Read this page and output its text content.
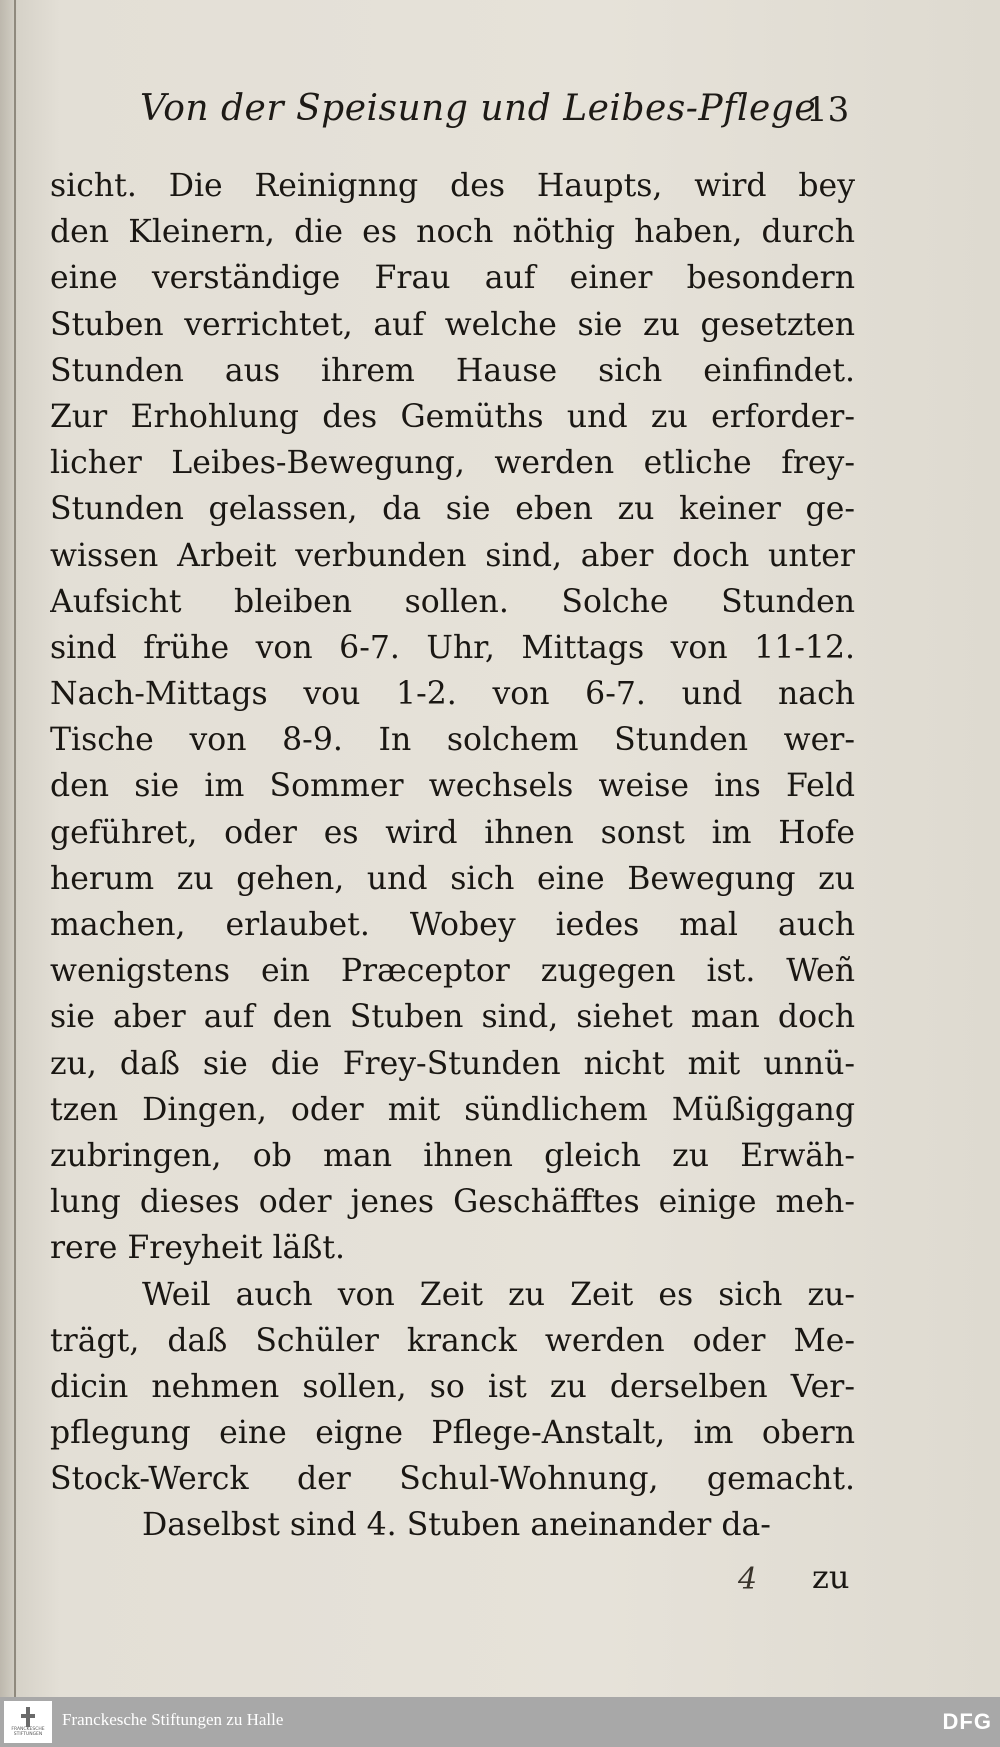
Von der Speisung und Leibes-Pflege
13
sicht. Die Reinignng des Haupts, wird bey
den Kleinern, die es noch nöthig haben, durch
eine verständige Frau auf einer besondern
Stuben verrichtet, auf welche sie zu gesetzten
Stunden aus ihrem Hause sich einfindet.
Zur Erhohlung des Gemüths und zu erforder-
licher Leibes-Bewegung, werden etliche frey-
Stunden gelassen, da sie eben zu keiner ge-
wissen Arbeit verbunden sind, aber doch unter
Aufsicht bleiben sollen. Solche Stunden
sind frühe von 6-7. Uhr, Mittags von 11-12.
Nach-Mittags vou 1-2. von 6-7. und nach
Tische von 8-9. In solchem Stunden wer-
den sie im Sommer wechsels weise ins Feld
geführet, oder es wird ihnen sonst im Hofe
herum zu gehen, und sich eine Bewegung zu
machen, erlaubet. Wobey iedes mal auch
wenigstens ein Præceptor zugegen ist. Weñ
sie aber auf den Stuben sind, siehet man doch
zu, daß sie die Frey-Stunden nicht mit unnü-
tzen Dingen, oder mit sündlichem Müßiggang
zubringen, ob man ihnen gleich zu Erwäh-
lung dieses oder jenes Geschäfftes einige meh-
rere Freyheit läßt.
Weil auch von Zeit zu Zeit es sich zu-
trägt, daß Schüler kranck werden oder Me-
dicin nehmen sollen, so ist zu derselben Ver-
pflegung eine eigne Pflege-Anstalt, im obern
Stock-Werck der Schul-Wohnung, gemacht.
Daselbst sind 4. Stuben aneinander da-
4 zu
FRANCKESCHE STIFTUNGEN
Franckesche Stiftungen zu Halle	DFG
